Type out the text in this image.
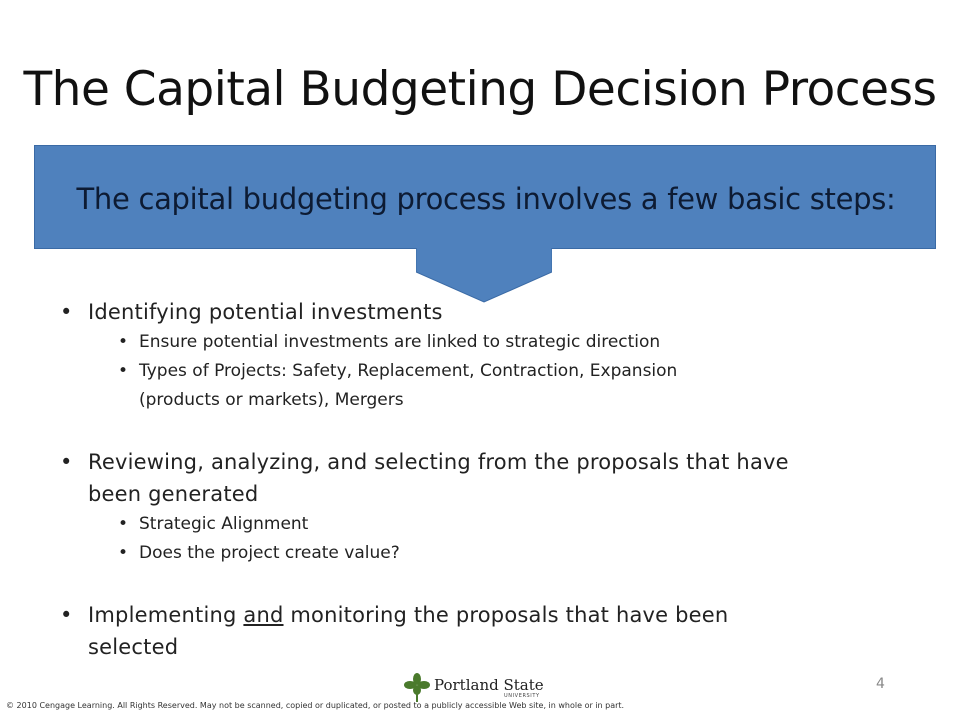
The Capital Budgeting Decision Process
The capital budgeting process involves a few basic steps:
• Identifying potential investments
• Ensure potential investments are linked to strategic direction
• Types of Projects: Safety, Replacement, Contraction, Expansion
(products or markets), Mergers
• Reviewing, analyzing, and selecting from the proposals that have
been generated
• Strategic Alignment
• Does the project create value?
• Implementing and monitoring the proposals that have been
selected
Portland State
UNIVERSITY
4
© 2010 Cengage Learning. All Rights Reserved. May not be scanned, copied or duplicated, or posted to a publicly accessible Web site, in whole or in part.
